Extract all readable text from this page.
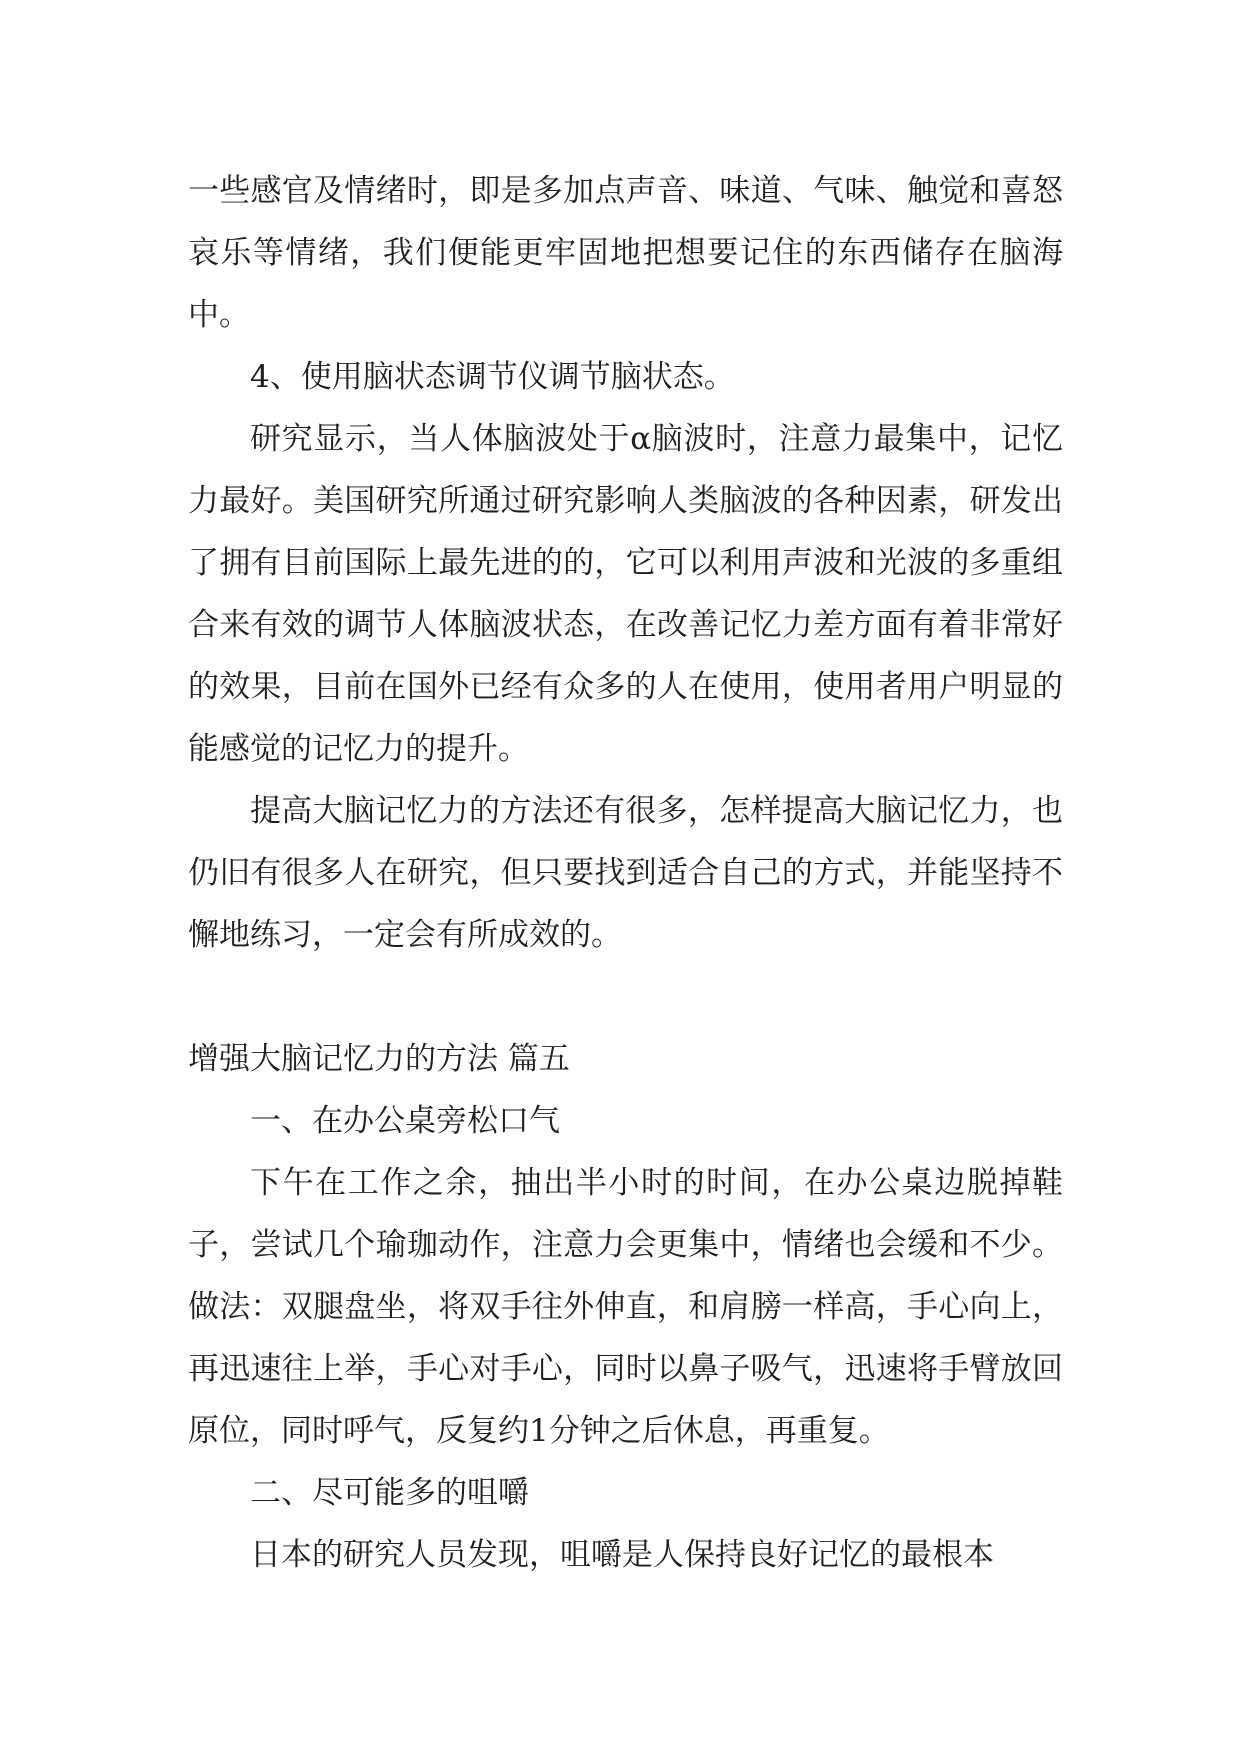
一些感官及情绪时，即是多加点声音、味道、气味、触觉和喜怒哀乐等情绪，我们便能更牢固地把想要记住的东西储存在脑海中。

4、使用脑状态调节仪调节脑状态。

研究显示，当人体脑波处于α脑波时，注意力最集中，记忆力最好。美国研究所通过研究影响人类脑波的各种因素，研发出了拥有目前国际上最先进的的，它可以利用声波和光波的多重组合来有效的调节人体脑波状态，在改善记忆力差方面有着非常好的效果，目前在国外已经有众多的人在使用，使用者用户明显的能感觉的记忆力的提升。

提高大脑记忆力的方法还有很多，怎样提高大脑记忆力，也仍旧有很多人在研究，但只要找到适合自己的方式，并能坚持不懈地练习，一定会有所成效的。

增强大脑记忆力的方法 篇五

一、在办公桌旁松口气

下午在工作之余，抽出半小时的时间，在办公桌边脱掉鞋子，尝试几个瑜珈动作，注意力会更集中，情绪也会缓和不少。做法：双腿盘坐，将双手往外伸直，和肩膀一样高，手心向上，再迅速往上举，手心对手心，同时以鼻子吸气，迅速将手臂放回原位，同时呼气，反复约1分钟之后休息，再重复。

二、尽可能多的咀嚼

日本的研究人员发现，咀嚼是人保持良好记忆的最根本
